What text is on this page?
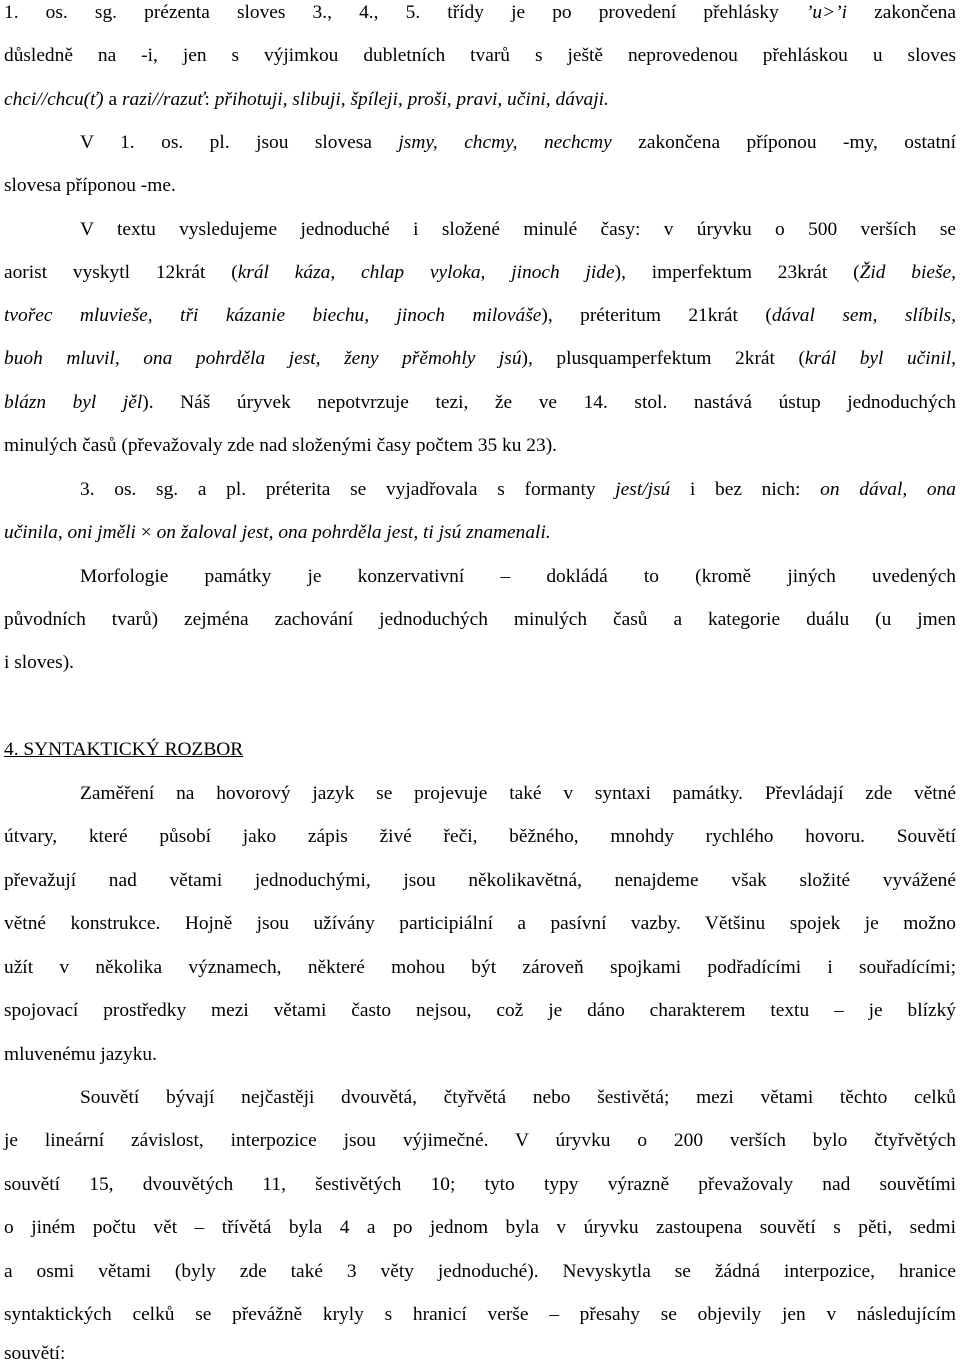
1. os. sg. prézenta sloves 3., 4., 5. třídy je po provedení přehlásky ’u>’i zakončena
důsledně na -i, jen s výjimkou dubletních tvarů s ještě neprovedenou přehláskou u sloves
chci//chcu(ť) a razi//razuť: přihotuji, slibuji, špíleji, proši, pravi, učini, dávaji.
V 1. os. pl. jsou slovesa jsmy, chcmy, nechcmy zakončena příponou -my, ostatní
slovesa příponou -me.
V textu vysledujeme jednoduché i složené minulé časy: v úryvku o 500 verších se
aorist vyskytl 12krát (král káza, chlap vyloka, jinoch jide), imperfektum 23krát (Žid bieše,
tvořec mluvieše, tři kázanie biechu, jinoch milováše), préteritum 21krát (dával sem, slíbils,
buoh mluvil, ona pohrděla jest, ženy přěmohly jsú), plusquamperfektum 2krát (král byl učinil,
blázn byl jěl). Náš úryvek nepotvrzuje tezi, že ve 14. stol. nastává ústup jednoduchých
minulých časů (převažovaly zde nad složenými časy počtem 35 ku 23).
3. os. sg. a pl. préterita se vyjadřovala s formanty jest/jsú i bez nich: on dával, ona
učinila, oni jměli × on žaloval jest, ona pohrděla jest, ti jsú znamenali.
Morfologie památky je konzervativní – dokládá to (kromě jiných uvedených
původních tvarů) zejména zachování jednoduchých minulých časů a kategorie duálu (u jmen
i sloves).
4. SYNTAKTICKÝ ROZBOR
Zaměření na hovorový jazyk se projevuje také v syntaxi památky. Převládají zde větné
útvary, které působí jako zápis živé řeči, běžného, mnohdy rychlého hovoru. Souvětí
převažují nad větami jednoduchými, jsou několikavětná, nenajdeme však složité vyvážené
větné konstrukce. Hojně jsou užívány participiální a pasívní vazby. Většinu spojek je možno
užít v několika významech, některé mohou být zároveň spojkami podřadícími i souřadícími;
spojovací prostředky mezi větami často nejsou, což je dáno charakterem textu – je blízký
mluvenému jazyku.
Souvětí bývají nejčastěji dvouvětá, čtyřvětá nebo šestivětá; mezi větami těchto celků
je lineární závislost, interpozice jsou výjimečné. V úryvku o 200 verších bylo čtyřvětých
souvětí 15, dvouvětých 11, šestivětých 10; tyto typy výrazně převažovaly nad souvětími
o jiném počtu vět – třívětá byla 4 a po jednom byla v úryvku zastoupena souvětí s pěti, sedmi
a osmi větami (byly zde také 3 věty jednoduché). Nevyskytla se žádná interpozice, hranice
syntaktických celků se převážně kryly s hranicí verše – přesahy se objevily jen v následujícím
souvětí:
